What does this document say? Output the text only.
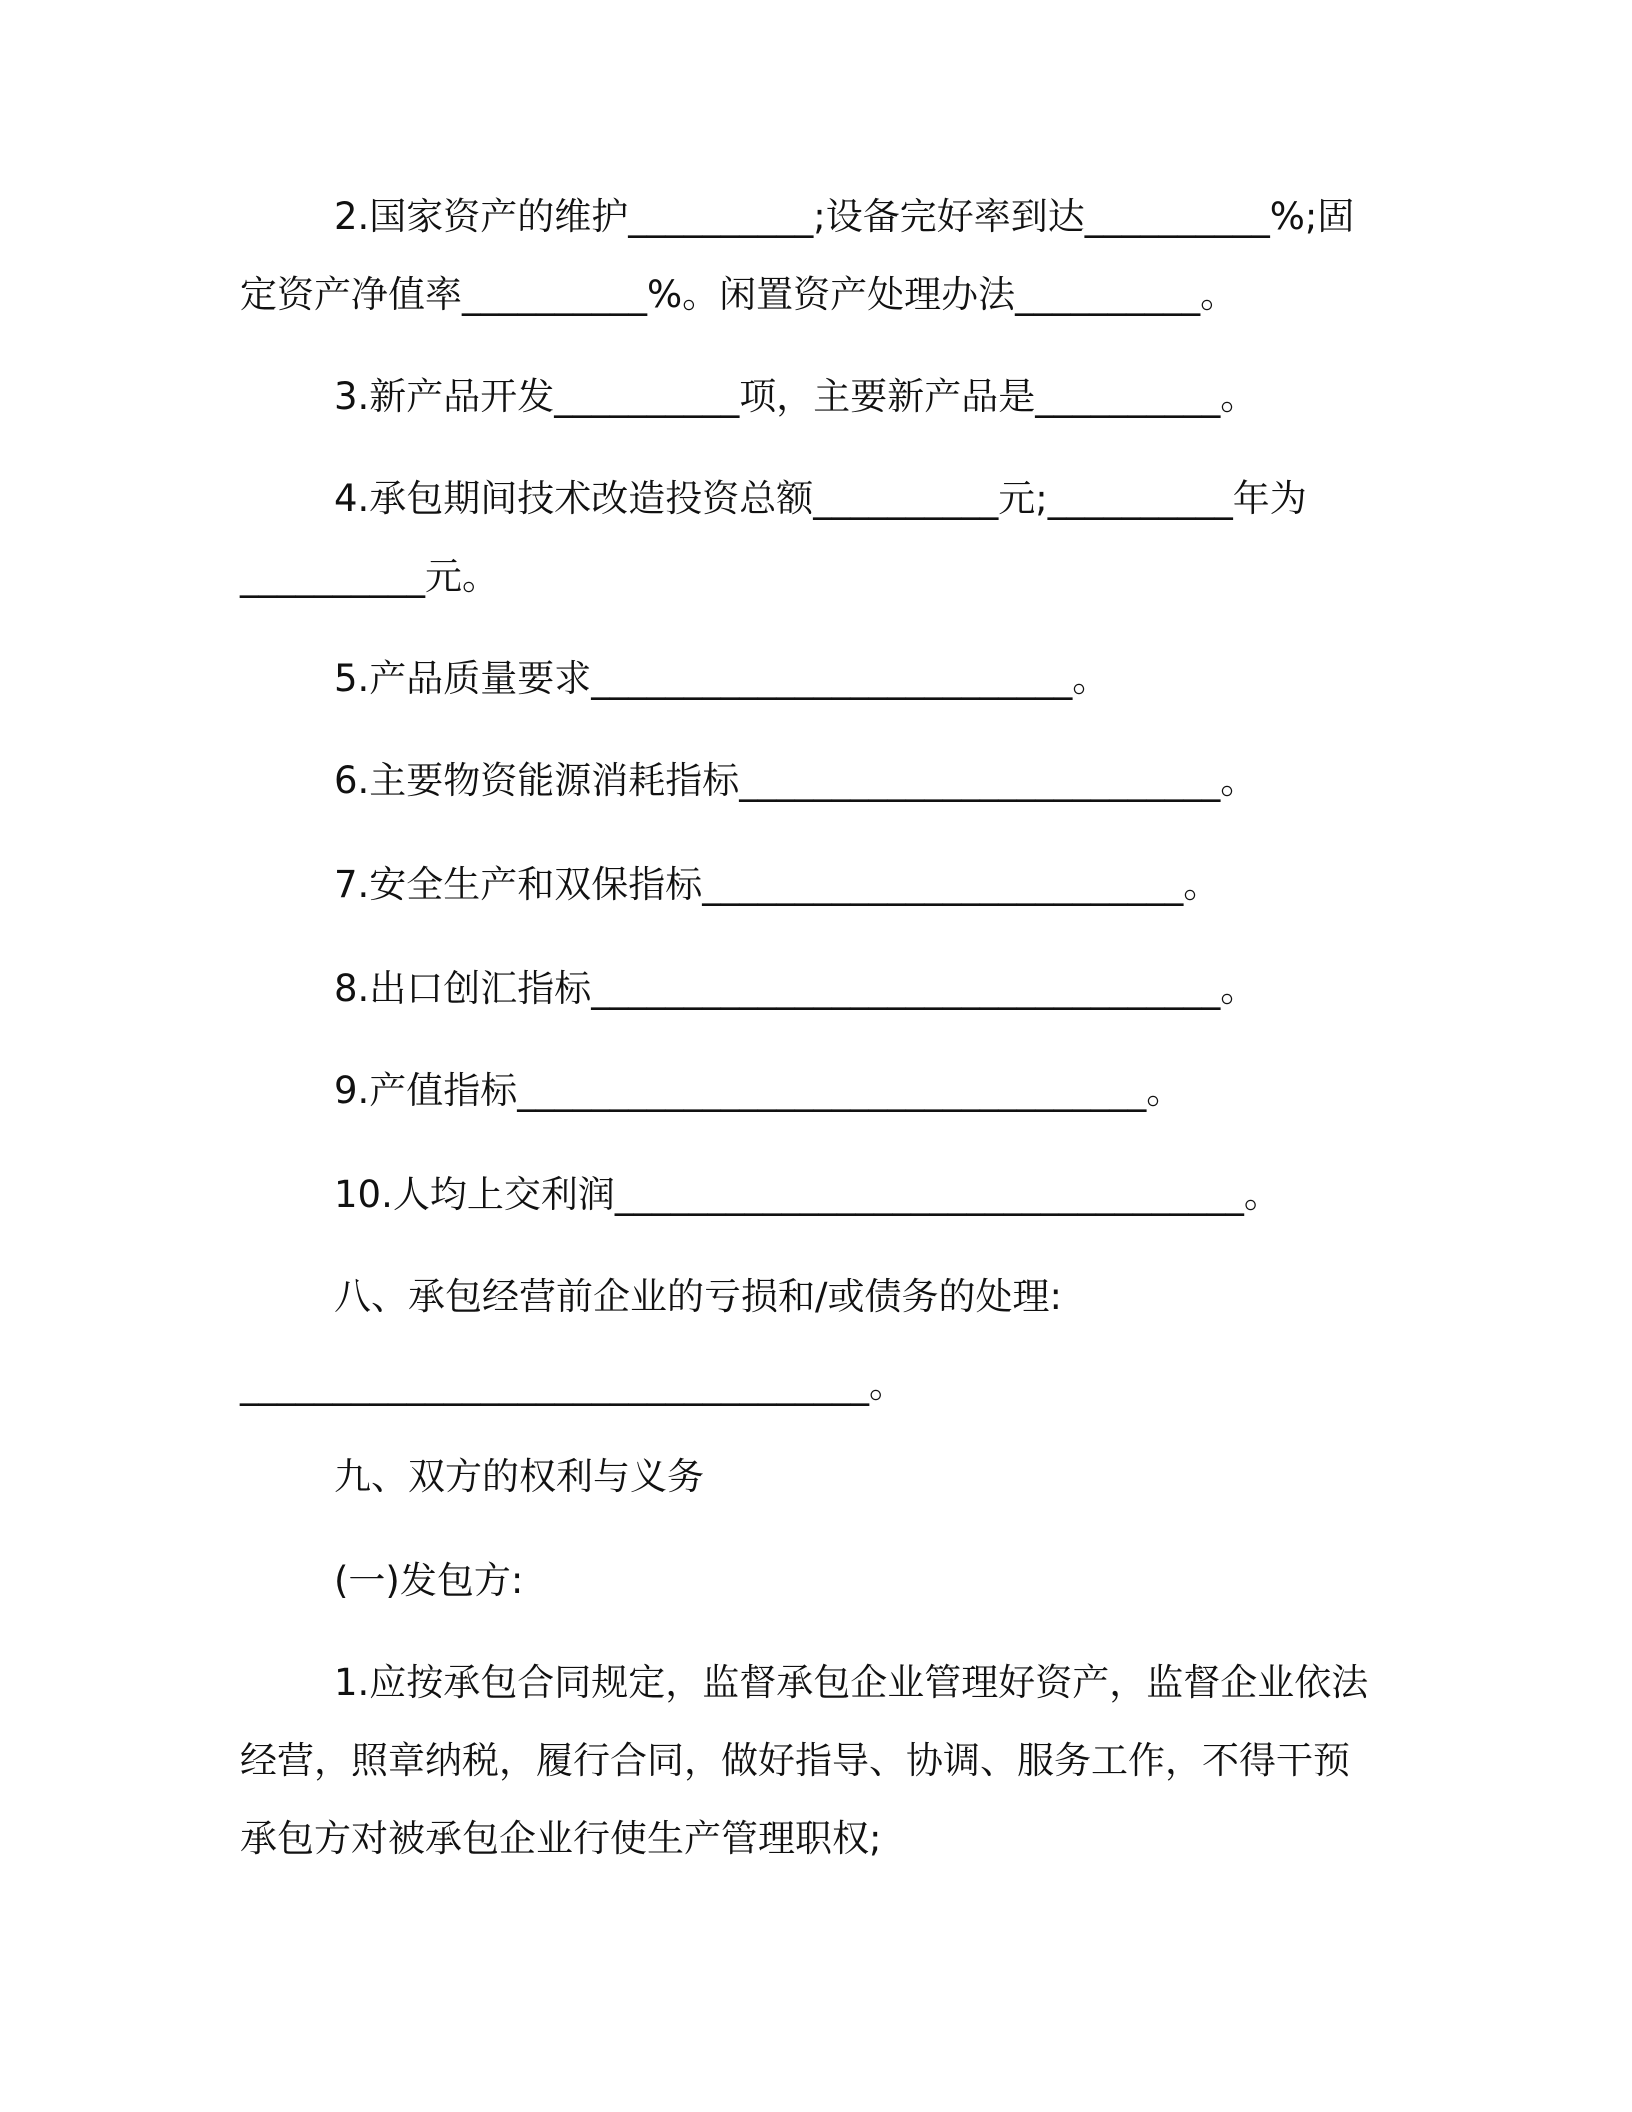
2.国家资产的维护__________;设备完好率到达__________%;固
定资产净值率__________%。闲置资产处理办法__________。
3.新产品开发__________项，主要新产品是__________。
4.承包期间技术改造投资总额__________元;__________年为
__________元。
5.产品质量要求__________________________。
6.主要物资能源消耗指标__________________________。
7.安全生产和双保指标__________________________。
8.出口创汇指标__________________________________。
9.产值指标__________________________________。
10.人均上交利润__________________________________。
八、承包经营前企业的亏损和/或债务的处理:
__________________________________。
九、双方的权利与义务
(一)发包方:
1.应按承包合同规定，监督承包企业管理好资产，监督企业依法
经营，照章纳税，履行合同，做好指导、协调、服务工作，不得干预
承包方对被承包企业行使生产管理职权;
